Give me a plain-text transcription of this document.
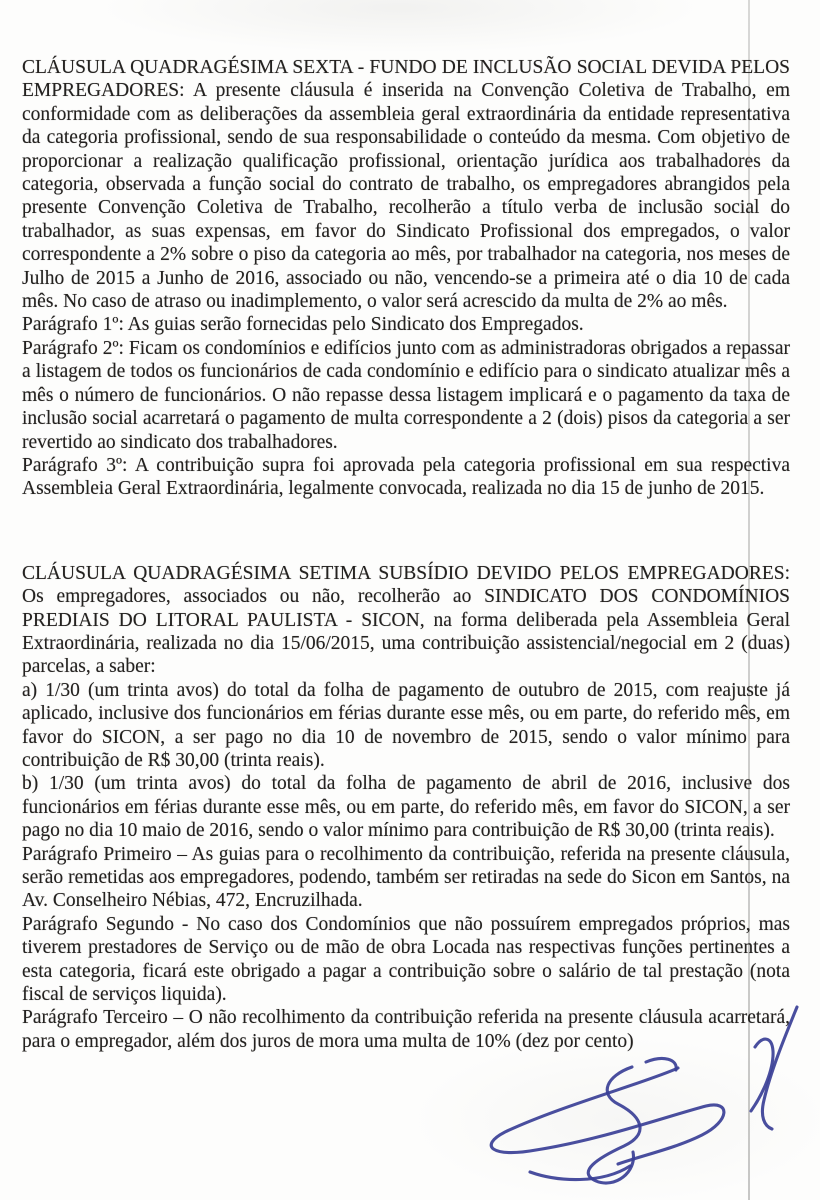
CLÁUSULA QUADRAGÉSIMA SEXTA - FUNDO DE INCLUSÃO SOCIAL DEVIDA PELOS EMPREGADORES: A presente cláusula é inserida na Convenção Coletiva de Trabalho, em conformidade com as deliberações da assembleia geral extraordinária da entidade representativa da categoria profissional, sendo de sua responsabilidade o conteúdo da mesma. Com objetivo de proporcionar a realização qualificação profissional, orientação jurídica aos trabalhadores da categoria, observada a função social do contrato de trabalho, os empregadores abrangidos pela presente Convenção Coletiva de Trabalho, recolherão a título verba de inclusão social do trabalhador, as suas expensas, em favor do Sindicato Profissional dos empregados, o valor correspondente a 2% sobre o piso da categoria ao mês, por trabalhador na categoria, nos meses de Julho de 2015 a Junho de 2016, associado ou não, vencendo-se a primeira até o dia 10 de cada mês. No caso de atraso ou inadimplemento, o valor será acrescido da multa de 2% ao mês.

Parágrafo 1º: As guias serão fornecidas pelo Sindicato dos Empregados.

Parágrafo 2º: Ficam os condomínios e edifícios junto com as administradoras obrigados a repassar a listagem de todos os funcionários de cada condomínio e edifício para o sindicato atualizar mês a mês o número de funcionários. O não repasse dessa listagem implicará e o pagamento da taxa de inclusão social acarretará o pagamento de multa correspondente a 2 (dois) pisos da categoria a ser revertido ao sindicato dos trabalhadores.

Parágrafo 3º: A contribuição supra foi aprovada pela categoria profissional em sua respectiva Assembleia Geral Extraordinária, legalmente convocada, realizada no dia 15 de junho de 2015.

CLÁUSULA QUADRAGÉSIMA SETIMA SUBSÍDIO DEVIDO PELOS EMPREGADORES: Os empregadores, associados ou não, recolherão ao SINDICATO DOS CONDOMÍNIOS PREDIAIS DO LITORAL PAULISTA - SICON, na forma deliberada pela Assembleia Geral Extraordinária, realizada no dia 15/06/2015, uma contribuição assistencial/negocial em 2 (duas) parcelas, a saber:

a) 1/30 (um trinta avos) do total da folha de pagamento de outubro de 2015, com reajuste já aplicado, inclusive dos funcionários em férias durante esse mês, ou em parte, do referido mês, em favor do SICON, a ser pago no dia 10 de novembro de 2015, sendo o valor mínimo para contribuição de R$ 30,00 (trinta reais).

b) 1/30 (um trinta avos) do total da folha de pagamento de abril de 2016, inclusive dos funcionários em férias durante esse mês, ou em parte, do referido mês, em favor do SICON, a ser pago no dia 10 maio de 2016, sendo o valor mínimo para contribuição de R$ 30,00 (trinta reais).

Parágrafo Primeiro – As guias para o recolhimento da contribuição, referida na presente cláusula, serão remetidas aos empregadores, podendo, também ser retiradas na sede do Sicon em Santos, na Av. Conselheiro Nébias, 472, Encruzilhada.

Parágrafo Segundo - No caso dos Condomínios que não possuírem empregados próprios, mas tiverem prestadores de Serviço ou de mão de obra Locada nas respectivas funções pertinentes a esta categoria, ficará este obrigado a pagar a contribuição sobre o salário de tal prestação (nota fiscal de serviços liquida).

Parágrafo Terceiro – O não recolhimento da contribuição referida na presente cláusula acarretará, para o empregador, além dos juros de mora uma multa de 10% (dez por cento)
